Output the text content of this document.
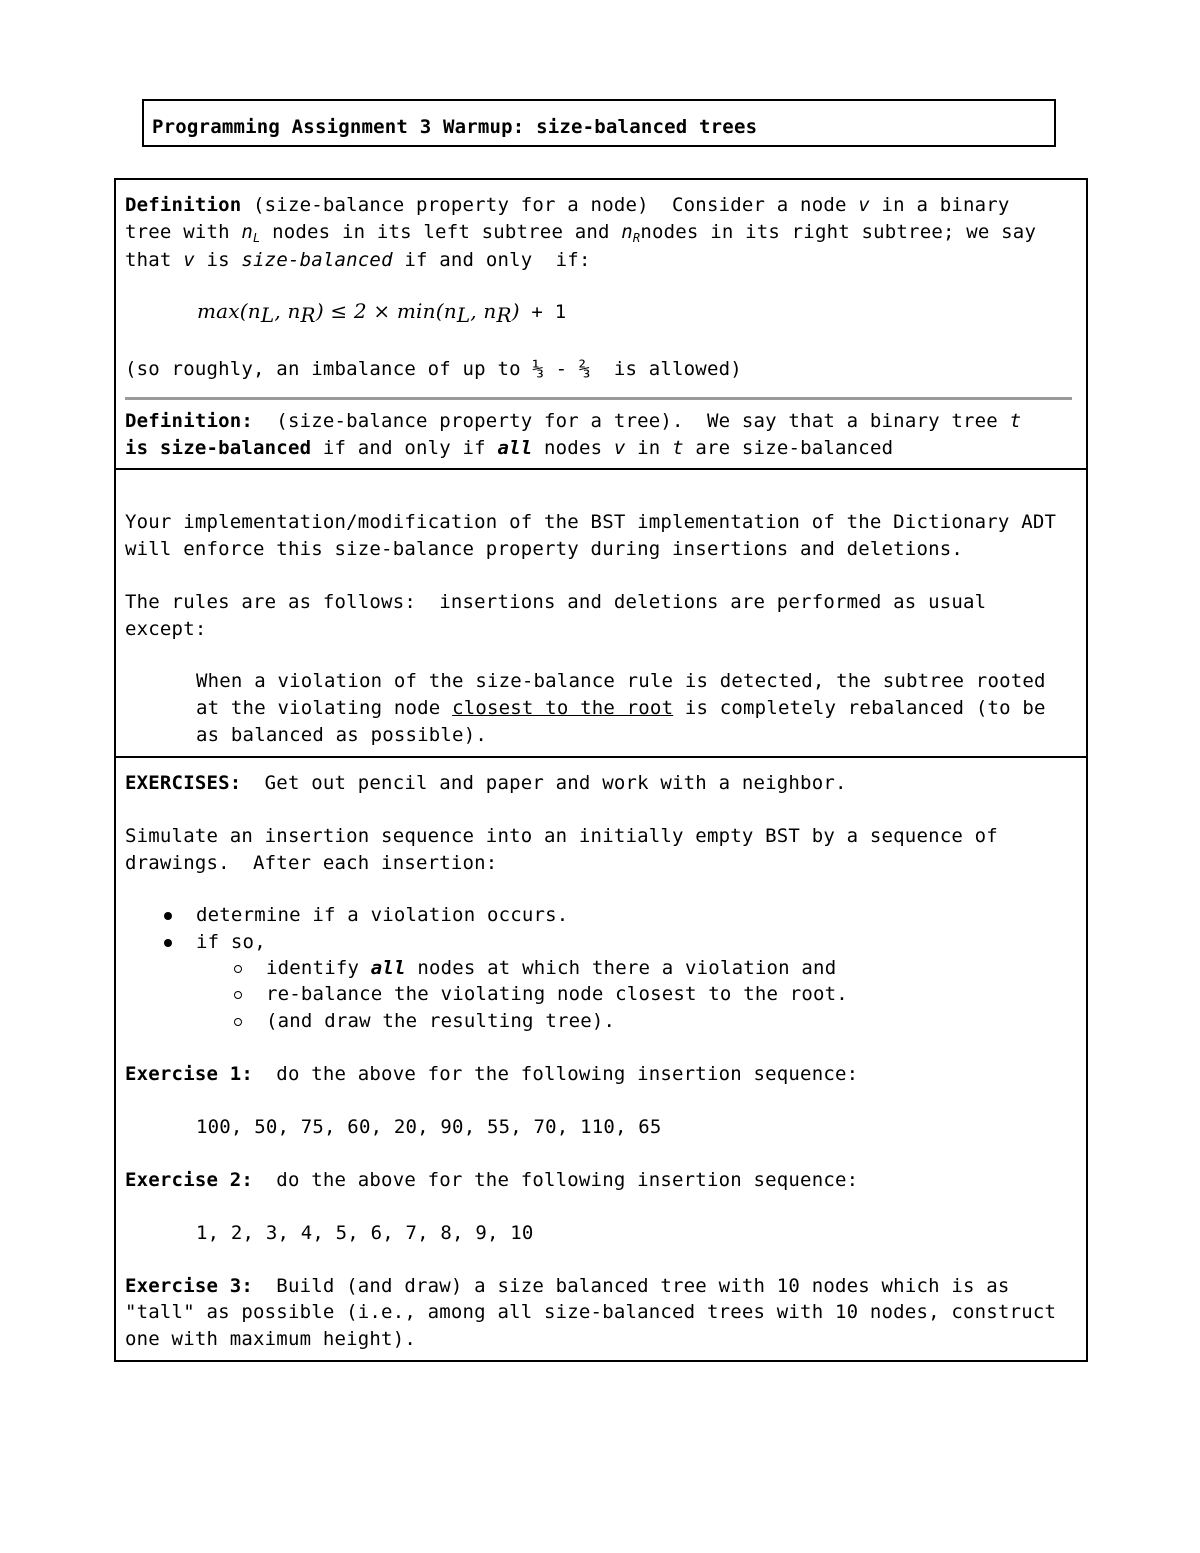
Programming Assignment 3 Warmup: size-balanced trees
Definition (size-balance property for a node)  Consider a node v in a binary
tree with $n_L$ nodes in its left subtree and $n_Rnodes$ in its right subtree; we say
that v is size-balanced if and only  if:
$\max(n_L$, $n_R) \le 2 \times \min(n_L$, $n_R) + 1$
(so roughly, an imbalance of up to ⅓ - ⅔  is allowed)
Definition:  (size-balance property for a tree).  We say that a binary tree t
is size-balanced if and only if all nodes v in t are size-balanced
Your implementation/modification of the BST implementation of the Dictionary ADT
will enforce this size-balance property during insertions and deletions.
The rules are as follows:  insertions and deletions are performed as usual
except:
When a violation of the size-balance rule is detected, the subtree rooted
at the violating node closest to the root is completely rebalanced (to be
as balanced as possible).
EXERCISES:  Get out pencil and paper and work with a neighbor.
Simulate an insertion sequence into an initially empty BST by a sequence of
drawings.  After each insertion:
determine if a violation occurs.
if so,
identify all nodes at which there a violation and
re-balance the violating node closest to the root.
(and draw the resulting tree).
Exercise 1:  do the above for the following insertion sequence:
100, 50, 75, 60, 20, 90, 55, 70, 110, 65
Exercise 2:  do the above for the following insertion sequence:
1, 2, 3, 4, 5, 6, 7, 8, 9, 10
Exercise 3:  Build (and draw) a size balanced tree with 10 nodes which is as
"tall" as possible (i.e., among all size-balanced trees with 10 nodes, construct
one with maximum height).
